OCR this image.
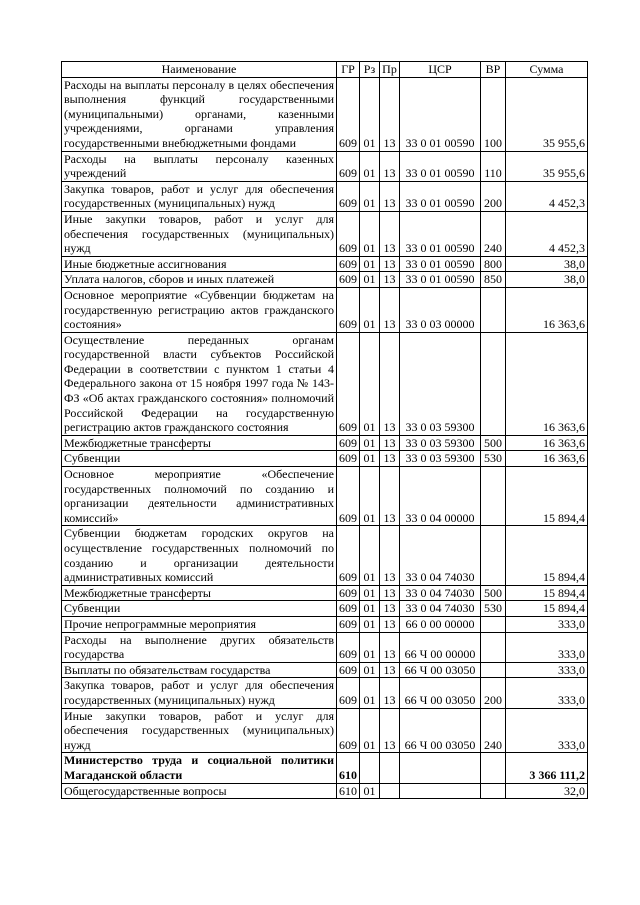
Наименование	ГР	Рз	Пр	ЦСР	ВР	Сумма
Расходы на выплаты персоналу в целях обеспечения выполнения функций государственными (муниципальными) органами, казенными учреждениями, органами управления государственными внебюджетными фондами	609	01	13	33 0 01 00590	100	35 955,6
Расходы на выплаты персоналу казенных учреждений	609	01	13	33 0 01 00590	110	35 955,6
Закупка товаров, работ и услуг для обеспечения государственных (муниципальных) нужд	609	01	13	33 0 01 00590	200	4 452,3
Иные закупки товаров, работ и услуг для обеспечения государственных (муниципальных) нужд	609	01	13	33 0 01 00590	240	4 452,3
Иные бюджетные ассигнования	609	01	13	33 0 01 00590	800	38,0
Уплата налогов, сборов и иных платежей	609	01	13	33 0 01 00590	850	38,0
Основное мероприятие «Субвенции бюджетам на государственную регистрацию актов гражданского состояния»	609	01	13	33 0 03 00000		16 363,6
Осуществление переданных органам государственной власти субъектов Российской Федерации в соответствии с пунктом 1 статьи 4 Федерального закона от 15 ноября 1997 года № 143-ФЗ «Об актах гражданского состояния» полномочий Российской Федерации на государственную регистрацию актов гражданского состояния	609	01	13	33 0 03 59300		16 363,6
Межбюджетные трансферты	609	01	13	33 0 03 59300	500	16 363,6
Субвенции	609	01	13	33 0 03 59300	530	16 363,6
Основное мероприятие «Обеспечение государственных полномочий по созданию и организации деятельности административных комиссий»	609	01	13	33 0 04 00000		15 894,4
Субвенции бюджетам городских округов на осуществление государственных полномочий по созданию и организации деятельности административных комиссий	609	01	13	33 0 04 74030		15 894,4
Межбюджетные трансферты	609	01	13	33 0 04 74030	500	15 894,4
Субвенции	609	01	13	33 0 04 74030	530	15 894,4
Прочие непрограммные мероприятия	609	01	13	66 0 00 00000		333,0
Расходы на выполнение других обязательств государства	609	01	13	66 Ч 00 00000		333,0
Выплаты по обязательствам государства	609	01	13	66 Ч 00 03050		333,0
Закупка товаров, работ и услуг для обеспечения государственных (муниципальных) нужд	609	01	13	66 Ч 00 03050	200	333,0
Иные закупки товаров, работ и услуг для обеспечения государственных (муниципальных) нужд	609	01	13	66 Ч 00 03050	240	333,0
Министерство труда и социальной политики Магаданской области	610					3 366 111,2
Общегосударственные вопросы	610	01				32,0
